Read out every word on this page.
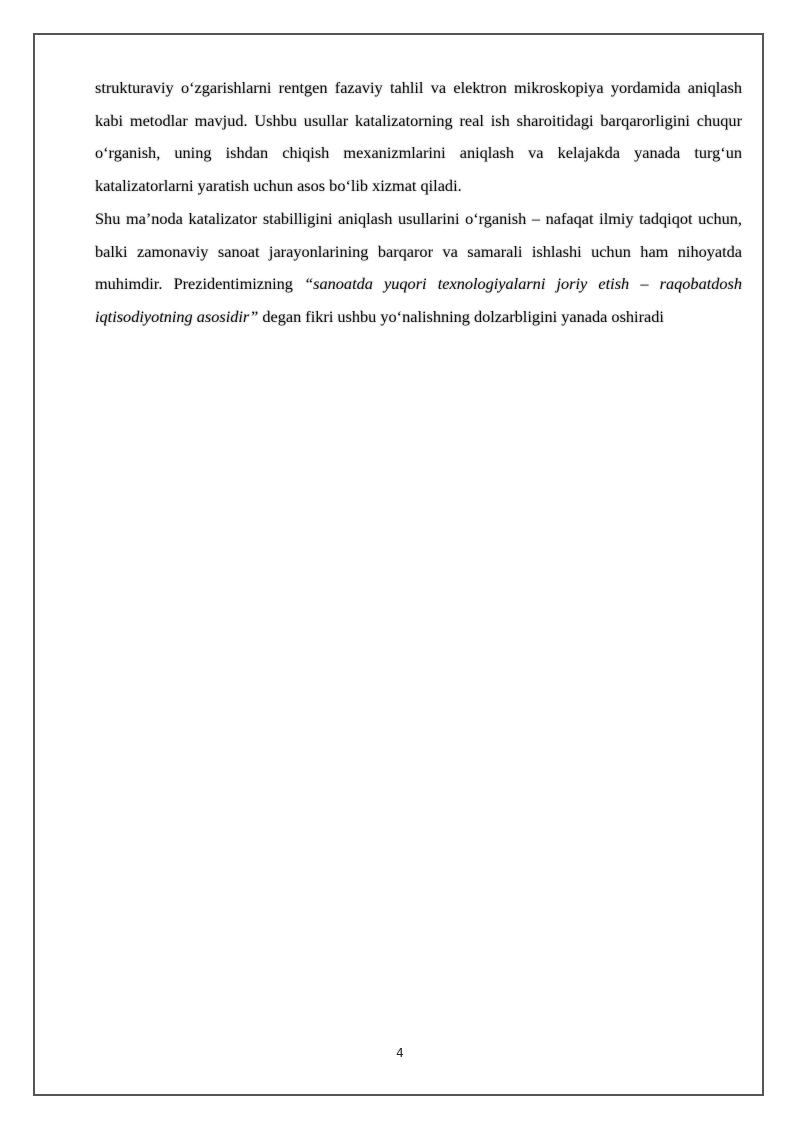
strukturaviy o‘zgarishlarni rentgen fazaviy tahlil va elektron mikroskopiya yordamida aniqlash kabi metodlar mavjud. Ushbu usullar katalizatorning real ish sharoitidagi barqarorligini chuqur o‘rganish, uning ishdan chiqish mexanizmlarini aniqlash va kelajakda yanada turg‘un katalizatorlarni yaratish uchun asos bo‘lib xizmat qiladi.

Shu ma’noda katalizator stabilligini aniqlash usullarini o‘rganish – nafaqat ilmiy tadqiqot uchun, balki zamonaviy sanoat jarayonlarining barqaror va samarali ishlashi uchun ham nihoyatda muhimdir. Prezidentimizning “sanoatda yuqori texnologiyalarni joriy etish – raqobatdosh iqtisodiyotning asosidir” degan fikri ushbu yo‘nalishning dolzarbligini yanada oshiradi

4
